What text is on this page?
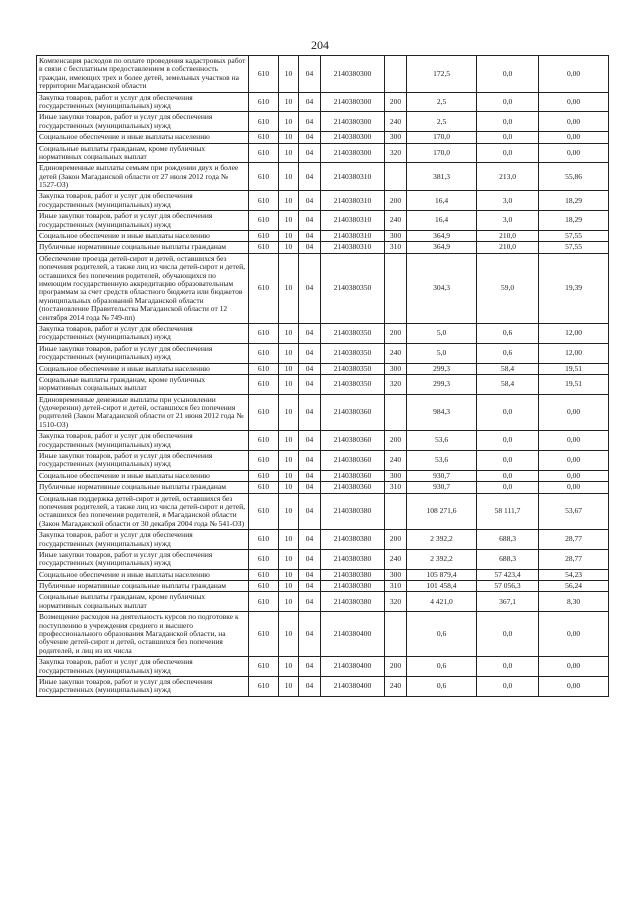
204
Компенсация расходов по оплате проведения кадастровых работ в связи с бесплатным предоставлением в собственность граждан, имеющих трех и более детей, земельных участков на территории Магаданской области	610	10	04	2140380300		172,5	0,0	0,00
Закупка товаров, работ и услуг для обеспечения государственных (муниципальных) нужд	610	10	04	2140380300	200	2,5	0,0	0,00
Иные закупки товаров, работ и услуг для обеспечения государственных (муниципальных) нужд	610	10	04	2140380300	240	2,5	0,0	0,00
Социальное обеспечение и иные выплаты населению	610	10	04	2140380300	300	170,0	0,0	0,00
Социальные выплаты гражданам, кроме публичных нормативных социальных выплат	610	10	04	2140380300	320	170,0	0,0	0,00
Единовременные выплаты семьям при рождении двух и более детей (Закон Магаданской области от 27 июля 2012 года № 1527-ОЗ)	610	10	04	2140380310		381,3	213,0	55,86
Закупка товаров, работ и услуг для обеспечения государственных (муниципальных) нужд	610	10	04	2140380310	200	16,4	3,0	18,29
Иные закупки товаров, работ и услуг для обеспечения государственных (муниципальных) нужд	610	10	04	2140380310	240	16,4	3,0	18,29
Социальное обеспечение и иные выплаты населению	610	10	04	2140380310	300	364,9	210,0	57,55
Публичные нормативные социальные выплаты гражданам	610	10	04	2140380310	310	364,9	210,0	57,55
Обеспечение проезда детей-сирот и детей, оставшихся без попечения родителей, а также лиц из числа детей-сирот и детей, оставшихся без попечения родителей, обучающихся по имеющим государственную аккредитацию образовательным программам за счет средств областного бюджета или бюджетов муниципальных образований Магаданской области (постановление Правительства Магаданской области от 12 сентября 2014 года № 749-пп)	610	10	04	2140380350		304,3	59,0	19,39
Закупка товаров, работ и услуг для обеспечения государственных (муниципальных) нужд	610	10	04	2140380350	200	5,0	0,6	12,00
Иные закупки товаров, работ и услуг для обеспечения государственных (муниципальных) нужд	610	10	04	2140380350	240	5,0	0,6	12,00
Социальное обеспечение и иные выплаты населению	610	10	04	2140380350	300	299,3	58,4	19,51
Социальные выплаты гражданам, кроме публичных нормативных социальных выплат	610	10	04	2140380350	320	299,3	58,4	19,51
Единовременные денежные выплаты при усыновлении (удочерении) детей-сирот и детей, оставшихся без попечения родителей (Закон Магаданской области от 21 июня 2012 года № 1510-ОЗ)	610	10	04	2140380360		984,3	0,0	0,00
Закупка товаров, работ и услуг для обеспечения государственных (муниципальных) нужд	610	10	04	2140380360	200	53,6	0,0	0,00
Иные закупки товаров, работ и услуг для обеспечения государственных (муниципальных) нужд	610	10	04	2140380360	240	53,6	0,0	0,00
Социальное обеспечение и иные выплаты населению	610	10	04	2140380360	300	930,7	0,0	0,00
Публичные нормативные социальные выплаты гражданам	610	10	04	2140380360	310	930,7	0,0	0,00
Социальная поддержка детей-сирот и детей, оставшихся без попечения родителей, а также лиц из числа детей-сирот и детей, оставшихся без попечения родителей, в Магаданской области (Закон Магаданской области от 30 декабря 2004 года № 541-ОЗ)	610	10	04	2140380380		108 271,6	58 111,7	53,67
Закупка товаров, работ и услуг для обеспечения государственных (муниципальных) нужд	610	10	04	2140380380	200	2 392,2	688,3	28,77
Иные закупки товаров, работ и услуг для обеспечения государственных (муниципальных) нужд	610	10	04	2140380380	240	2 392,2	688,3	28,77
Социальное обеспечение и иные выплаты населению	610	10	04	2140380380	300	105 879,4	57 423,4	54,23
Публичные нормативные социальные выплаты гражданам	610	10	04	2140380380	310	101 458,4	57 056,3	56,24
Социальные выплаты гражданам, кроме публичных нормативных социальных выплат	610	10	04	2140380380	320	4 421,0	367,1	8,30
Возмещение расходов на деятельность курсов по подготовке к поступлению в учреждения среднего и высшего профессионального образования Магаданской области, на обучение детей-сирот и детей, оставшихся без попечения родителей, и лиц из их числа	610	10	04	2140380400		0,6	0,0	0,00
Закупка товаров, работ и услуг для обеспечения государственных (муниципальных) нужд	610	10	04	2140380400	200	0,6	0,0	0,00
Иные закупки товаров, работ и услуг для обеспечения государственных (муниципальных) нужд	610	10	04	2140380400	240	0,6	0,0	0,00
